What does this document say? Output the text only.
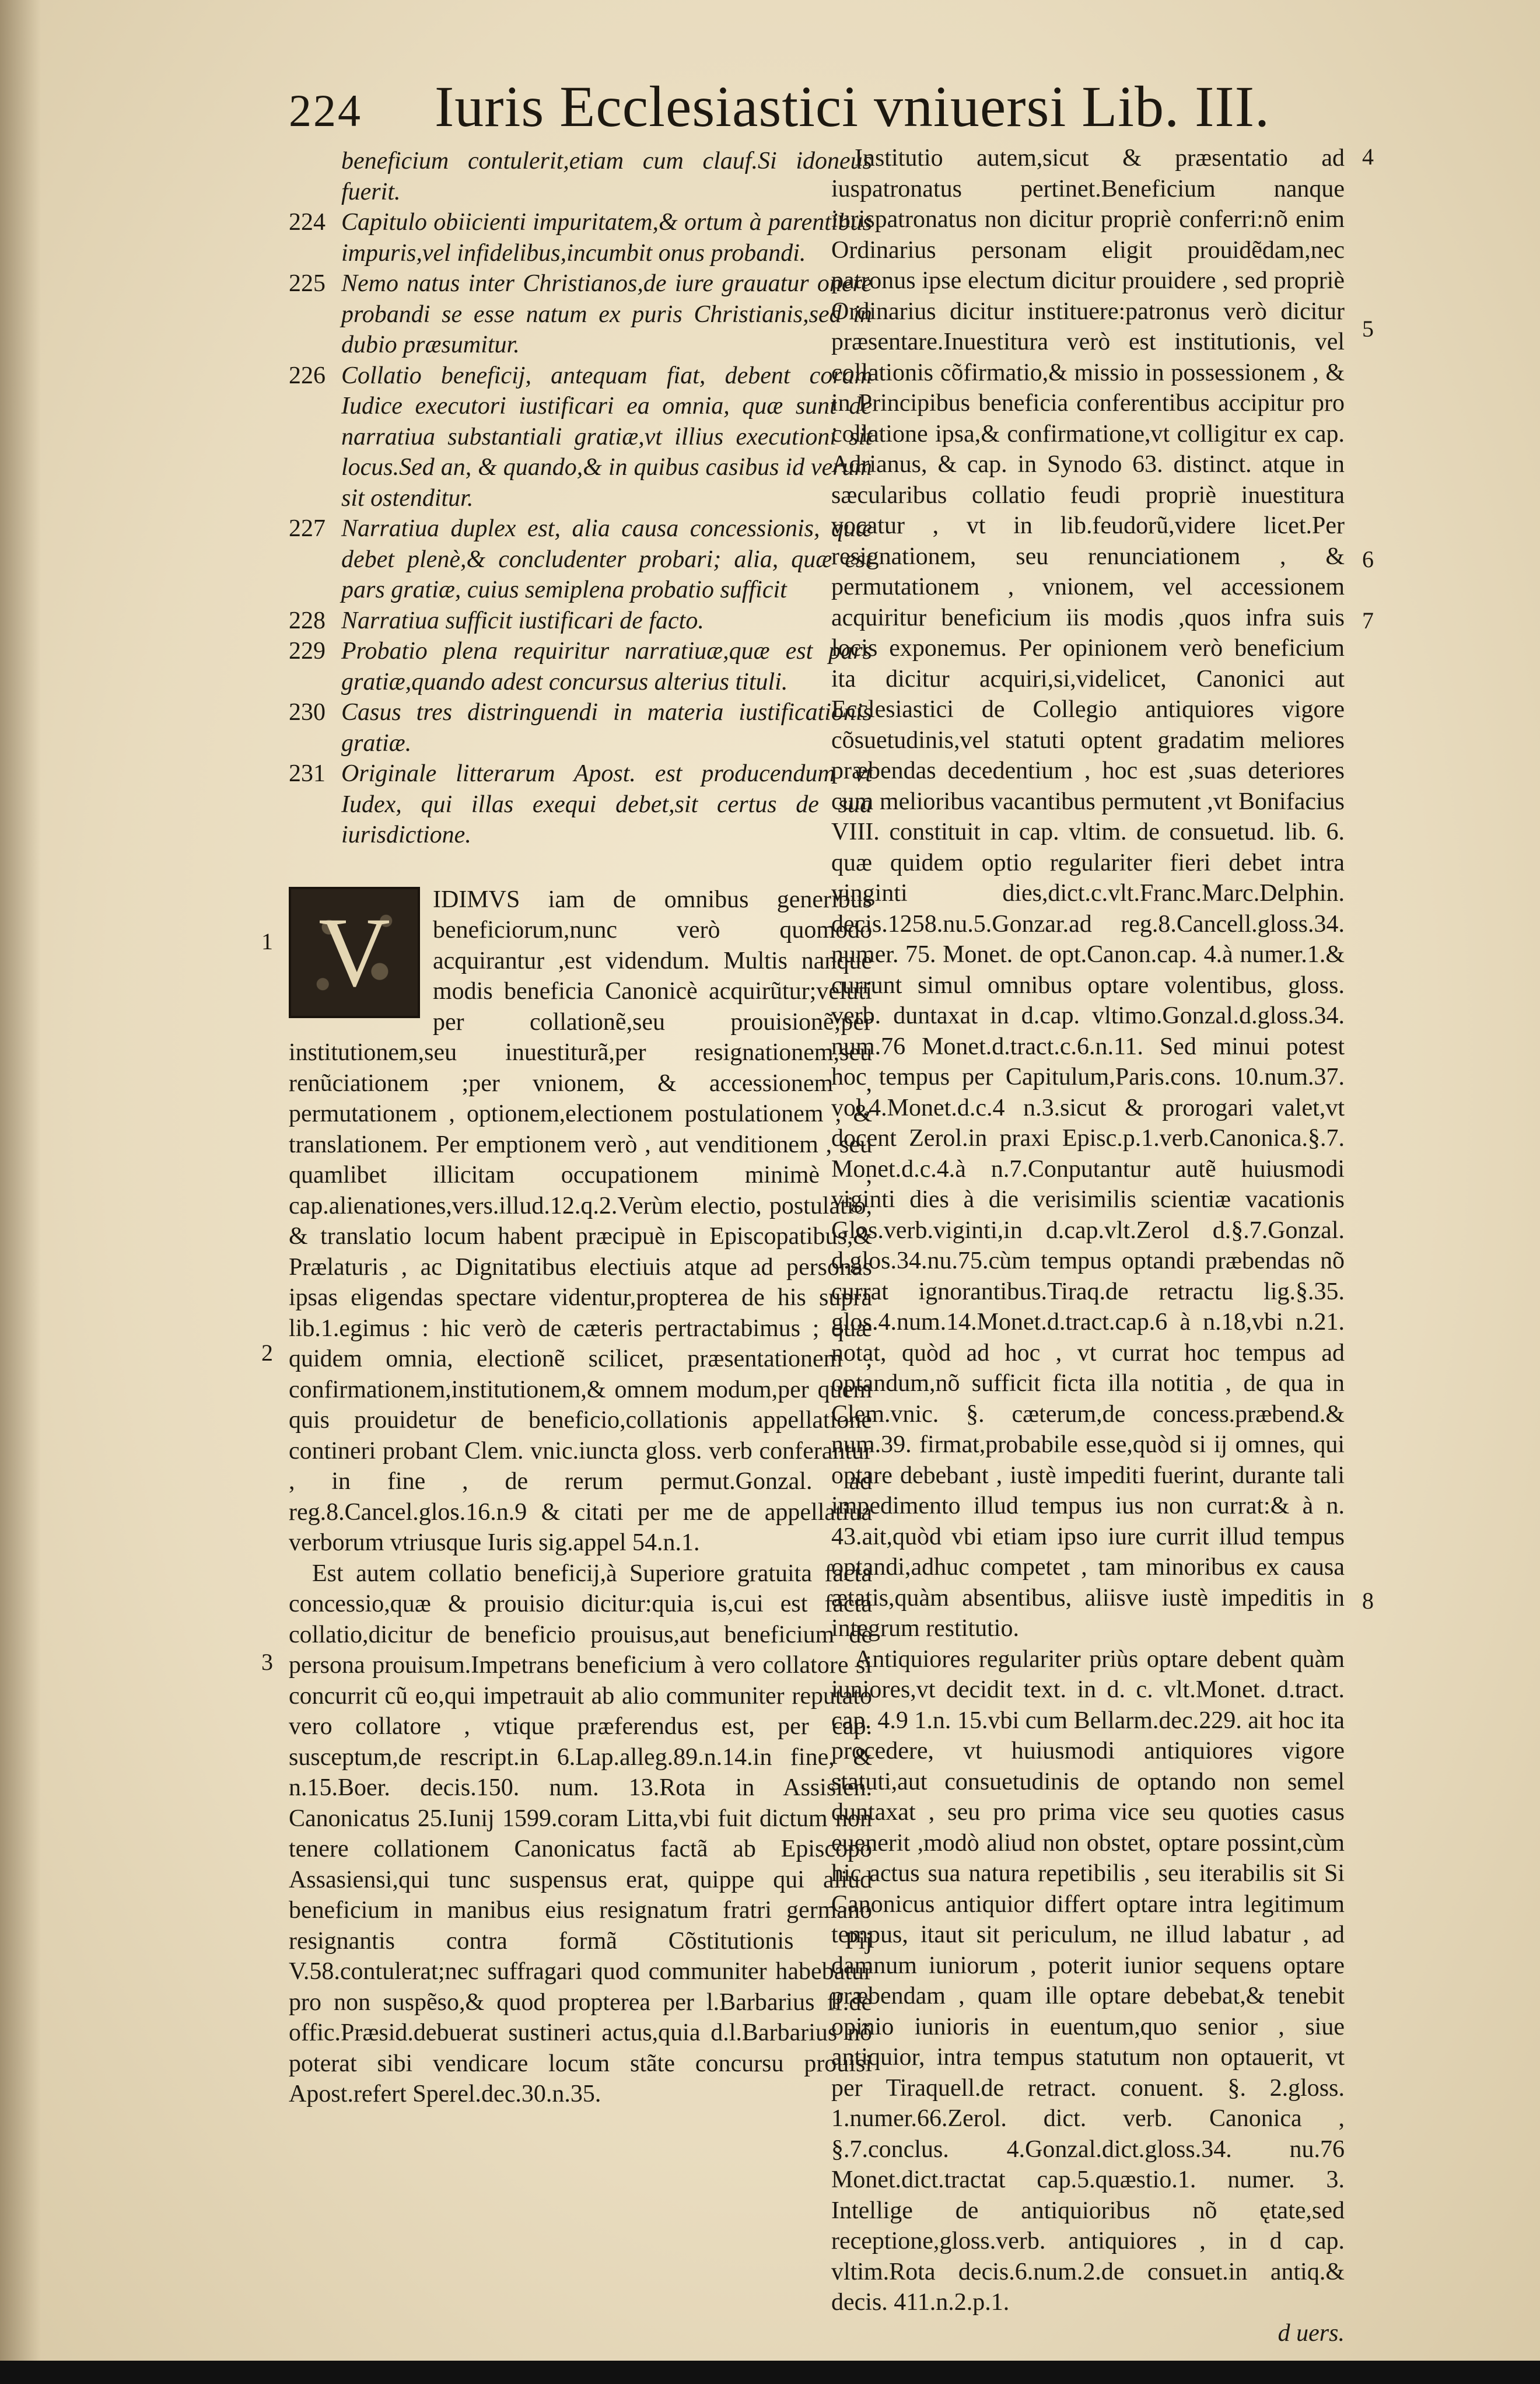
224 Iuris Ecclesiastici vniuersi Lib. III.
beneficium contulerit,etiam cum clauf.Si idoneus fuerit.
224 Capitulo obiicienti impuritatem,& ortum à parentibus impuris,vel infidelibus,incumbit onus probandi.
225 Nemo natus inter Christianos,de iure grauatur onere probandi se esse natum ex puris Christianis,sed in dubio præsumitur.
226 Collatio beneficij, antequam fiat, debent coram Iudice executori iustificari ea omnia, quæ sunt de narratiua substantiali gratiæ,vt illius executioni sit locus.Sed an, & quando,& in quibus casibus id verum sit ostenditur.
227 Narratiua duplex est, alia causa concessionis, quæ debet plenè,& concludenter probari; alia, quæ est pars gratiæ, cuius semiplena probatio sufficit
228 Narratiua sufficit iustificari de facto.
229 Probatio plena requiritur narratiuæ,quæ est pars gratiæ,quando adest concursus alterius tituli.
230 Casus tres distringuendi in materia iustificationis gratiæ.
231 Originale litterarum Apost. est producendum vt Iudex, qui illas exequi debet,sit certus de sua iurisdictione.
V	IDIMVS iam de omnibus generibus beneficiorum,nunc verò quomodo acquirantur ,est videndum. Multis nanque modis beneficia Canonicè acquirũtur;veluti per collationẽ,seu prouisionẽ;per institutionem,seu inuestiturã,per resignationem,seu renũciationem ;per vnionem, & accessionem , permutationem , optionem,electionem postulationem , & translationem. Per emptionem verò , aut venditionem , seu quamlibet illicitam occupationem minimè , cap.alienationes,vers.illud.12.q.2.Verùm electio, postulatio, & translatio locum habent præcipuè in Episcopatibus,& Prælaturis , ac Dignitatibus electiuis atque ad personas ipsas eligendas spectare videntur,propterea de his supra lib.1.egimus : hic verò de cæteris pertractabimus ; quæ quidem omnia, electionẽ scilicet, præsentationem , confirmationem,institutionem,& omnem modum,per quem quis prouidetur de beneficio,collationis appellatione contineri probant Clem. vnic.iuncta gloss. verb conferantur , in fine , de rerum permut.Gonzal. ad reg.8.Cancel.glos.16.n.9 & citati per me de appellatiua verborum vtriusque Iuris sig.appel 54.n.1.

Est autem collatio beneficij,à Superiore gratuita facta concessio,quæ & prouisio dicitur:quia is,cui est facta collatio,dicitur de beneficio prouisus,aut beneficium de persona prouisum.Impetrans beneficium à vero collatore si concurrit cũ eo,qui impetrauit ab alio communiter reputato vero collatore , vtique præferendus est, per cap. susceptum,de rescript.in 6.Lap.alleg.89.n.14.in fine, & n.15.Boer. decis.150. num. 13.Rota in Assisien. Canonicatus 25.Iunij 1599.coram Litta,vbi fuit dictum non tenere collationem Canonicatus factã ab Episcopo Assasiensi,qui tunc suspensus erat, quippe qui aliud beneficium in manibus eius resignatum fratri germano resignantis contra formã Cõstitutionis Pij V.58.contulerat;nec suffragari quod communiter habebatur pro non suspẽso,& quod propterea per l.Barbarius ff.de offic.Præsid.debuerat sustineri actus,quia d.l.Barbarius nõ poterat sibi vendicare locum stãte concursu prouisi Apost.refert Sperel.dec.30.n.35.

1
2
3

Institutio autem,sicut & præsentatio ad iuspatronatus pertinet.Beneficium nanque iurispatronatus non dicitur propriè conferri:nõ enim Ordinarius personam eligit prouidẽdam,nec patronus ipse electum dicitur prouidere , sed propriè Ordinarius dicitur instituere:patronus verò dicitur præsentare.Inuestitura verò est institutionis, vel collationis cõfirmatio,& missio in possessionem , & in Principibus beneficia conferentibus accipitur pro collatione ipsa,& confirmatione,vt colligitur ex cap. Adrianus, & cap. in Synodo 63. distinct. atque in sæcularibus collatio feudi propriè inuestitura vocatur , vt in lib.feudorũ,videre licet.Per resignationem, seu renunciationem , & permutationem , vnionem, vel accessionem acquiritur beneficium iis modis ,quos infra suis locis exponemus. Per opinionem verò beneficium ita dicitur acquiri,si,videlicet, Canonici aut Ecclesiastici de Collegio antiquiores vigore cõsuetudinis,vel statuti optent gradatim meliores præbendas decedentium , hoc est ,suas deteriores cum melioribus vacantibus permutent ,vt Bonifacius VIII. constituit in cap. vltim. de consuetud. lib. 6. quæ quidem optio regulariter fieri debet intra vinginti dies,dict.c.vlt.Franc.Marc.Delphin. decis.1258.nu.5.Gonzar.ad reg.8.Cancell.gloss.34. numer. 75. Monet. de opt.Canon.cap. 4.à numer.1.& currunt simul omnibus optare volentibus, gloss. verb. duntaxat in d.cap. vltimo.Gonzal.d.gloss.34. num.76 Monet.d.tract.c.6.n.11. Sed minui potest hoc tempus per Capitulum,Paris.cons. 10.num.37. vol.4.Monet.d.c.4 n.3.sicut & prorogari valet,vt docent Zerol.in praxi Episc.p.1.verb.Canonica.§.7. Monet.d.c.4.à n.7.Conputantur autẽ huiusmodi viginti dies à die verisimilis scientiæ vacationis Glos.verb.viginti,in d.cap.vlt.Zerol d.§.7.Gonzal. d.glos.34.nu.75.cùm tempus optandi præbendas nõ currat ignorantibus.Tiraq.de retractu lig.§.35. glos.4.num.14.Monet.d.tract.cap.6 à n.18,vbi n.21. notat, quòd ad hoc , vt currat hoc tempus ad optandum,nõ sufficit ficta illa notitia , de qua in Clem.vnic. §. cæterum,de concess.præbend.& num.39. firmat,probabile esse,quòd si ij omnes, qui optare debebant , iustè impediti fuerint, durante tali impedimento illud tempus ius non currat:& à n. 43.ait,quòd vbi etiam ipso iure currit illud tempus optandi,adhuc competet , tam minoribus ex causa ætatis,quàm absentibus, aliisve iustè impeditis in integrum restitutio.

Antiquiores regulariter priùs optare debent quàm iuniores,vt decidit text. in d. c. vlt.Monet. d.tract. cap. 4.9 1.n. 15.vbi cum Bellarm.dec.229. ait hoc ita procedere, vt huiusmodi antiquiores vigore statuti,aut consuetudinis de optando non semel duntaxat , seu pro prima vice seu quoties casus euenerit ,modò aliud non obstet, optare possint,cùm hic actus sua natura repetibilis , seu iterabilis sit Si Canonicus antiquior differt optare intra legitimum tempus, itaut sit periculum, ne illud labatur , ad damnum iuniorum , poterit iunior sequens optare præbendam , quam ille optare debebat,& tenebit opinio iunioris in euentum,quo senior , siue antiquior, intra tempus statutum non optauerit, vt per Tiraquell.de retract. conuent. §. 2.gloss. 1.numer.66.Zerol. dict. verb. Canonica , §.7.conclus. 4.Gonzal.dict.gloss.34. nu.76 Monet.dict.tractat cap.5.quæstio.1. numer. 3. Intellige de antiquioribus nõ ętate,sed receptione,gloss.verb. antiquiores , in d cap. vltim.Rota decis.6.num.2.de consuet.in antiq.& decis. 411.n.2.p.1.

d uers.

4
5
6
7
8
